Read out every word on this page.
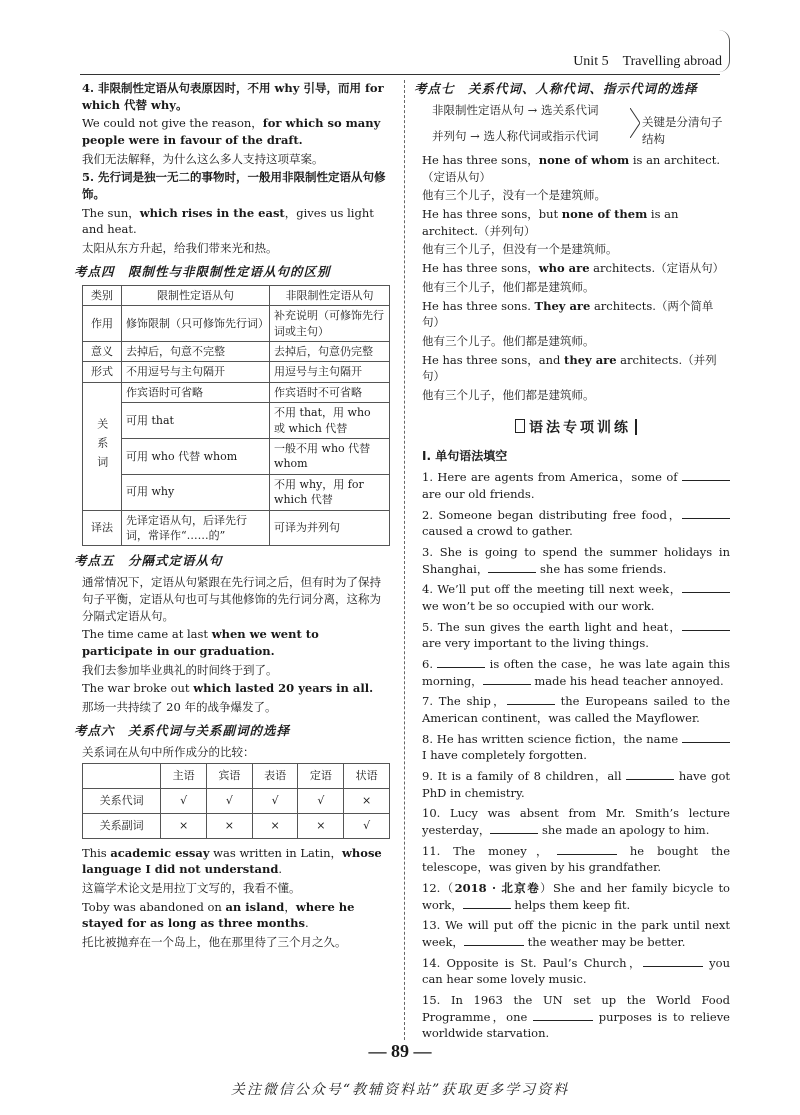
Unit 5　Travelling abroad

4. 非限制性定语从句表原因时，不用 why 引导，而用 for which 代替 why。

We could not give the reason，for which so many people were in favour of the draft.

我们无法解释，为什么这么多人支持这项草案。

5. 先行词是独一无二的事物时，一般用非限制性定语从句修饰。

The sun，which rises in the east，gives us light and heat.

太阳从东方升起，给我们带来光和热。

考点四　限制性与非限制性定语从句的区别
类别	限制性定语从句	非限制性定语从句
作用	修饰限制（只可修饰先行词）	补充说明（可修饰先行词或主句）
意义	去掉后，句意不完整	去掉后，句意仍完整
形式	不用逗号与主句隔开	用逗号与主句隔开
关系词	作宾语时可省略	作宾语时不可省略
	可用 that	不用 that，用 who 或 which 代替
	可用 who 代替 whom	一般不用 who 代替 whom
	可用 why	不用 why，用 for which 代替
译法	先译定语从句，后译先行词，常译作“……的”	可译为并列句
考点五　分隔式定语从句

通常情况下，定语从句紧跟在先行词之后，但有时为了保持句子平衡，定语从句也可与其他修饰的先行词分离，这称为分隔式定语从句。

The time came at last when we went to participate in our graduation.

我们去参加毕业典礼的时间终于到了。

The war broke out which lasted 20 years in all.

那场一共持续了 20 年的战争爆发了。

考点六　关系代词与关系副词的选择

关系词在从句中所作成分的比较：

	主语	宾语	表语	定语	状语
关系代词	√	√	√	√	×
关系副词	×	×	×	×	√

This academic essay was written in Latin，whose language I did not understand.

这篇学术论文是用拉丁文写的，我看不懂。

Toby was abandoned on an island，where he stayed for as long as three months.

托比被抛弃在一个岛上，他在那里待了三个月之久。

考点七　关系代词、人称代词、指示代词的选择
非限制性定语从句 → 选关系代词
并列句 → 选人称代词或指示代词
关键是分清句子结构

He has three sons，none of whom is an architect.（定语从句）

他有三个儿子，没有一个是建筑师。

He has three sons，but none of them is an architect.（并列句）

他有三个儿子，但没有一个是建筑师。

He has three sons，who are architects.（定语从句）

他有三个儿子，他们都是建筑师。

He has three sons. They are architects.（两个简单句）

他有三个儿子。他们都是建筑师。

He has three sons，and they are architects.（并列句）

他有三个儿子，他们都是建筑师。

语法专项训练
Ⅰ. 单句语法填空

1. Here are agents from America，some of  are our old friends.

2. Someone began distributing free food， caused a crowd to gather.

3. She is going to spend the summer holidays in Shanghai，	she has some friends.

4. We’ll put off the meeting till next week， we won’t be so occupied with our work.

5. The sun gives the earth light and heat， are very important to the living things.

6.	is often the case，he was late again this morning，	made his head teacher annoyed.

7. The ship，	the Europeans sailed to the American continent，was called the Mayflower.

8. He has written science fiction，the name  I have completely forgotten.

9. It is a family of 8 children，all	have got PhD in chemistry.

10. Lucy was absent from Mr. Smith’s lecture yesterday，	she made an apology to him.

11. The money，	he bought the telescope，was given by his grandfather.

12.（2018 · 北京卷）She and her family bicycle to work，	helps them keep fit.

13. We will put off the picnic in the park until next week，	the weather may be better.

14. Opposite is St. Paul’s Church，	you can hear some lovely music.

15. In 1963 the UN set up the World Food Programme，one	purposes is to relieve worldwide starvation.

— 89 —
关注微信公众号“教辅资料站”获取更多学习资料
